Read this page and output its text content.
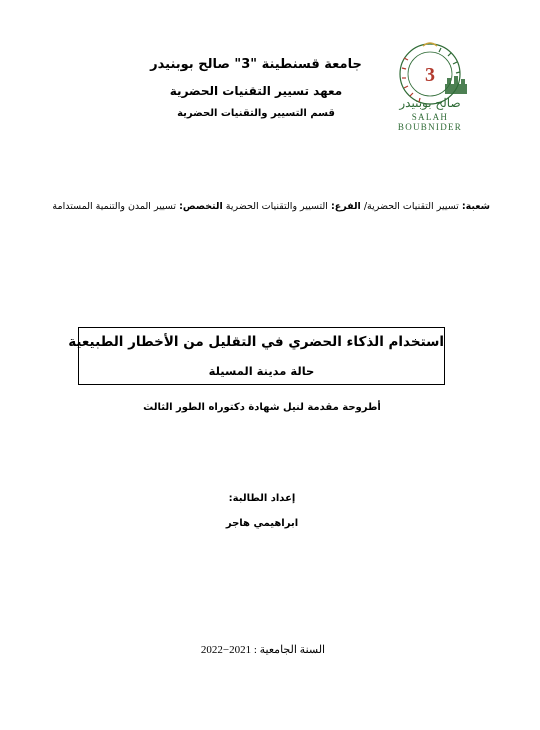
3
صالح بوبنيدر
SALAH BOUBNIDER
جامعة قسنطينة "3" صالح بوبنيدر
معهد تسيير التقنيات الحضرية
قسم التسيير والتقنيات الحضرية
شعبة: تسيير التقنيات الحضرية/ الفرع: التسيير والتقنيات الحضرية التخصص: تسيير المدن والتنمية المستدامة
استخدام الذكاء الحضري في التقليل من الأخطار الطبيعية
حالة مدينة المسيلة
أطروحة مقدمة لنيل شهادة دكتوراه الطور الثالث
إعداد الطالبة:
ابراهيمي هاجر
السنة الجامعية : 2021−2022
